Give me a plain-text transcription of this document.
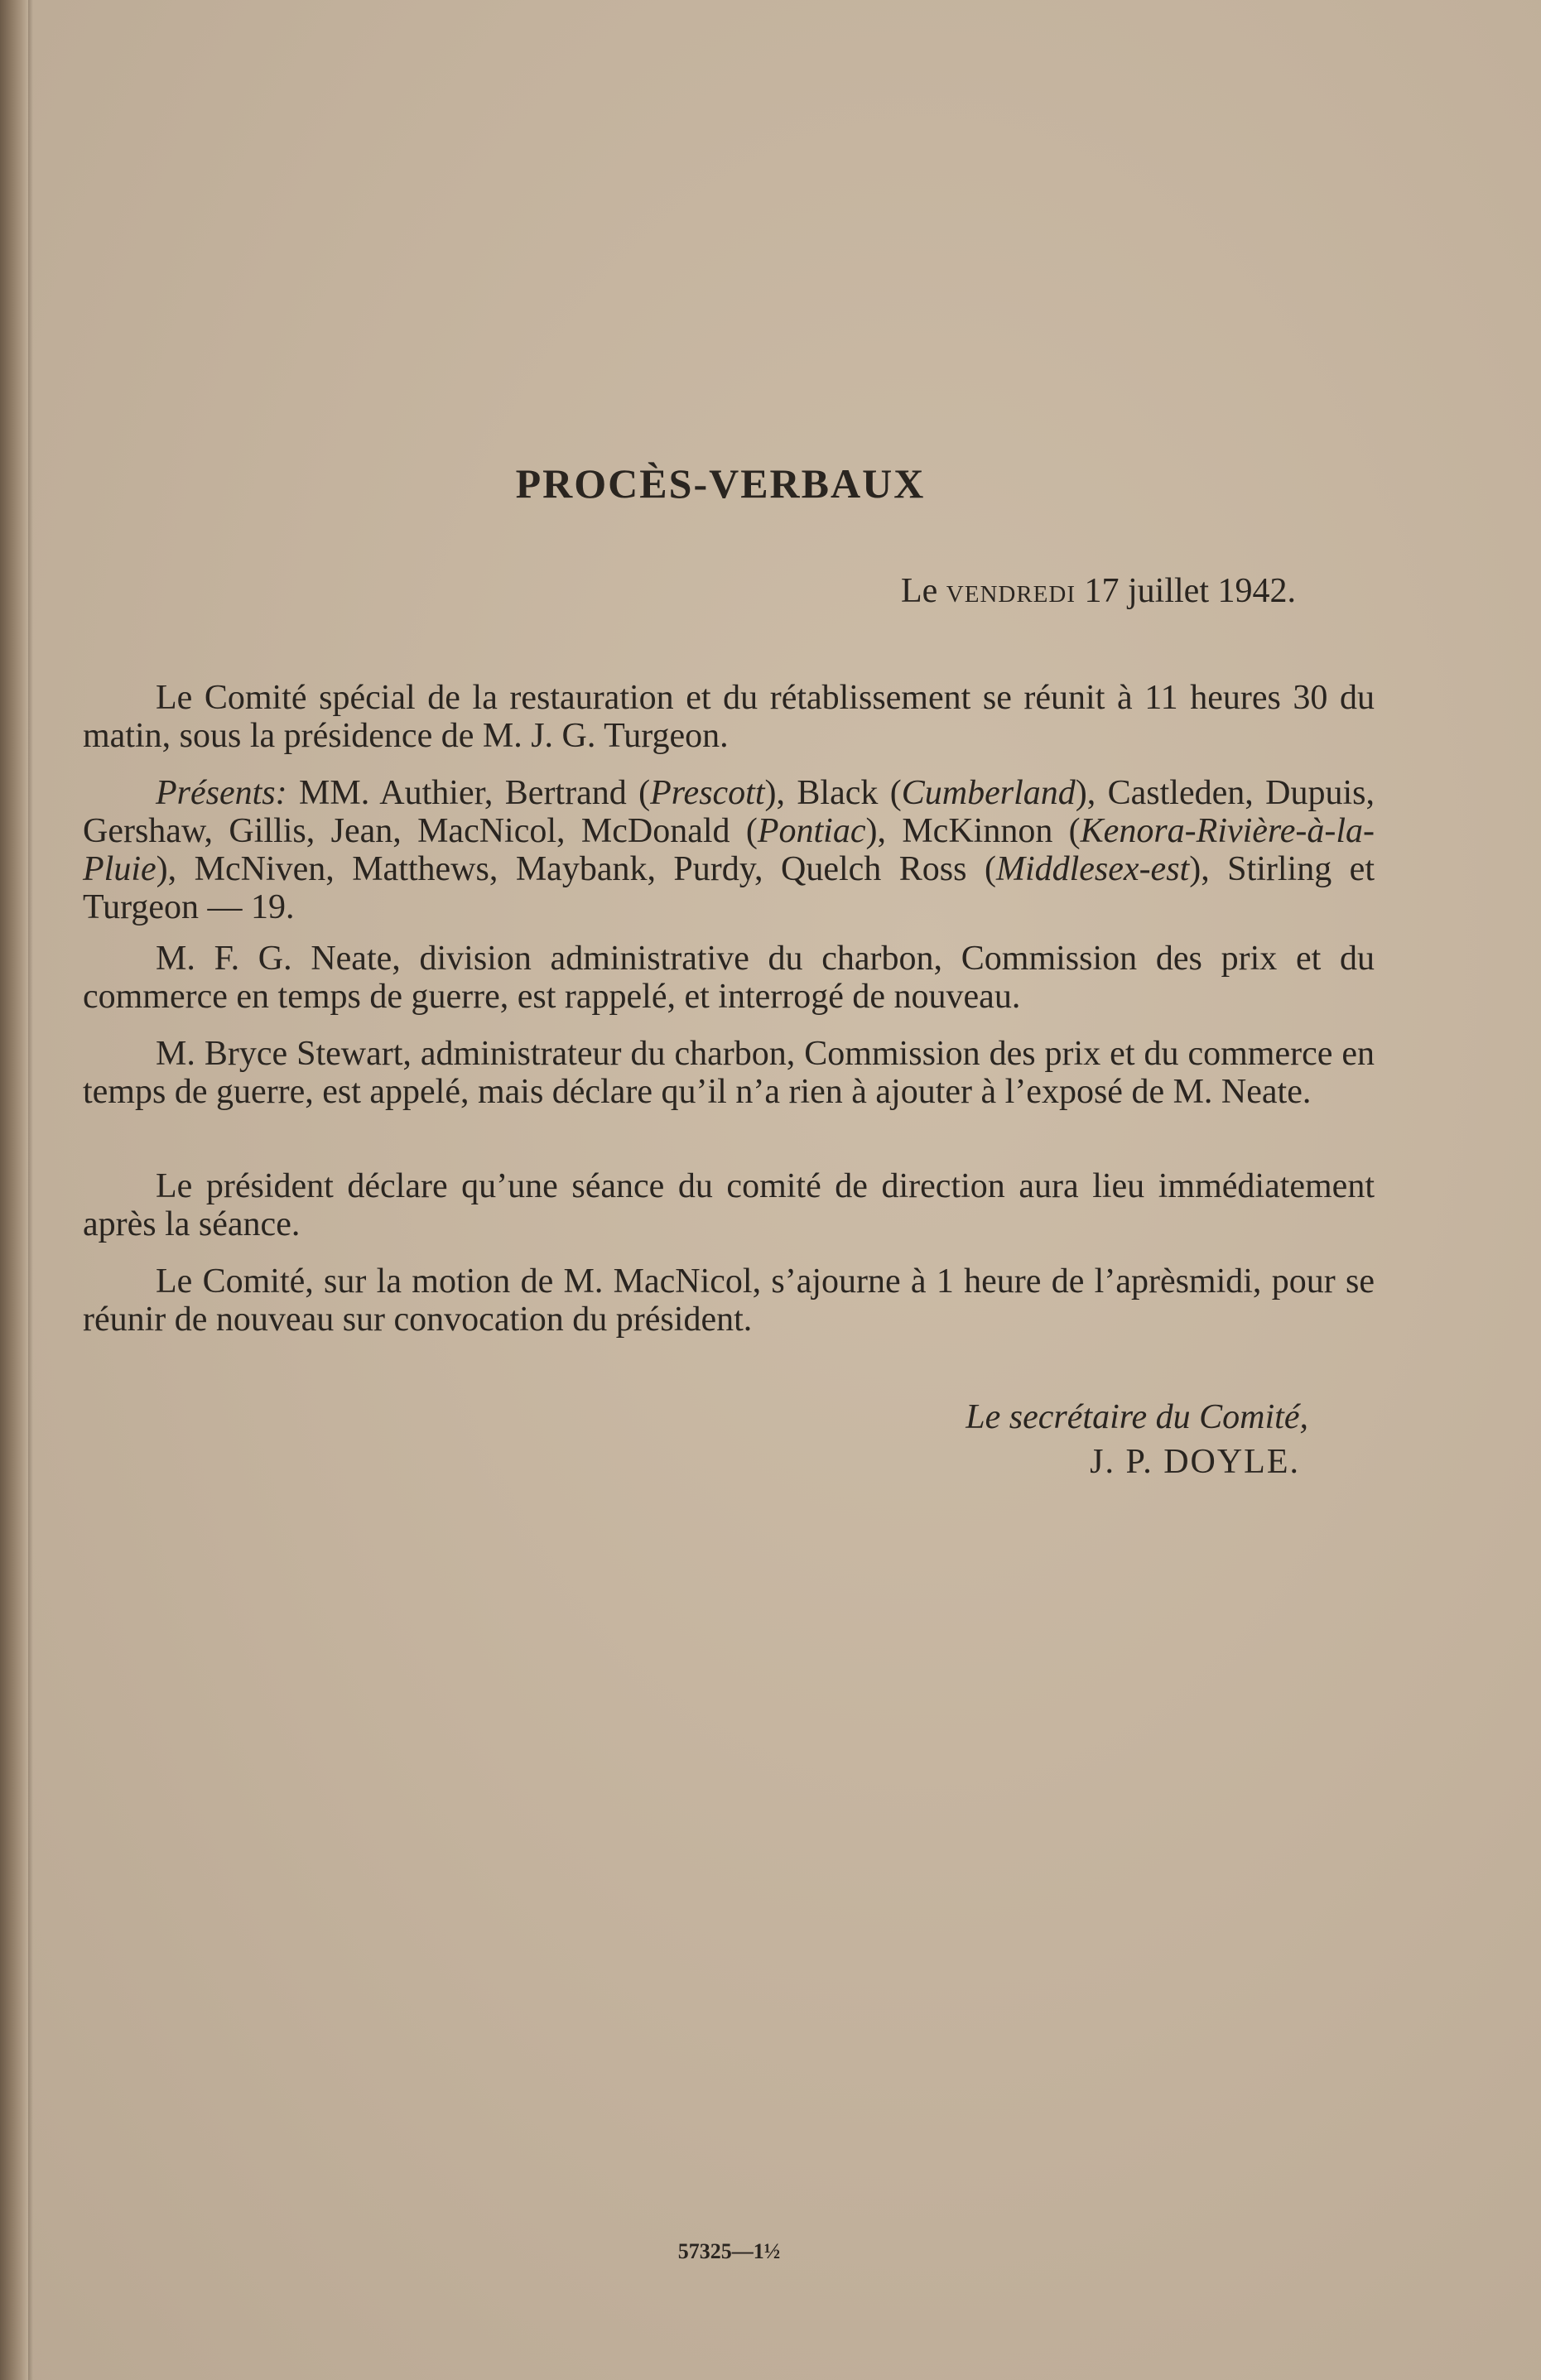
PROCÈS-VERBAUX
Le vendredi 17 juillet 1942.

Le Comité spécial de la restauration et du rétablissement se réunit à 11 heures 30 du matin, sous la présidence de M. J. G. Turgeon.

Présents: MM. Authier, Bertrand (Prescott), Black (Cumberland), Castleden, Dupuis, Gershaw, Gillis, Jean, MacNicol, McDonald (Pontiac), McKinnon (Kenora-Rivière-à-la-Pluie), McNiven, Matthews, Maybank, Purdy, Quelch Ross (Middlesex-est), Stirling et Turgeon — 19.

M. F. G. Neate, division administrative du charbon, Commission des prix et du commerce en temps de guerre, est rappelé, et interrogé de nouveau.

M. Bryce Stewart, administrateur du charbon, Commission des prix et du commerce en temps de guerre, est appelé, mais déclare qu’il n’a rien à ajouter à l’exposé de M. Neate.

Le président déclare qu’une séance du comité de direction aura lieu immédiatement après la séance.

Le Comité, sur la motion de M. MacNicol, s’ajourne à 1 heure de l’aprèsmidi, pour se réunir de nouveau sur convocation du président.

Le secrétaire du Comité,
J. P. DOYLE.
57325—1½
